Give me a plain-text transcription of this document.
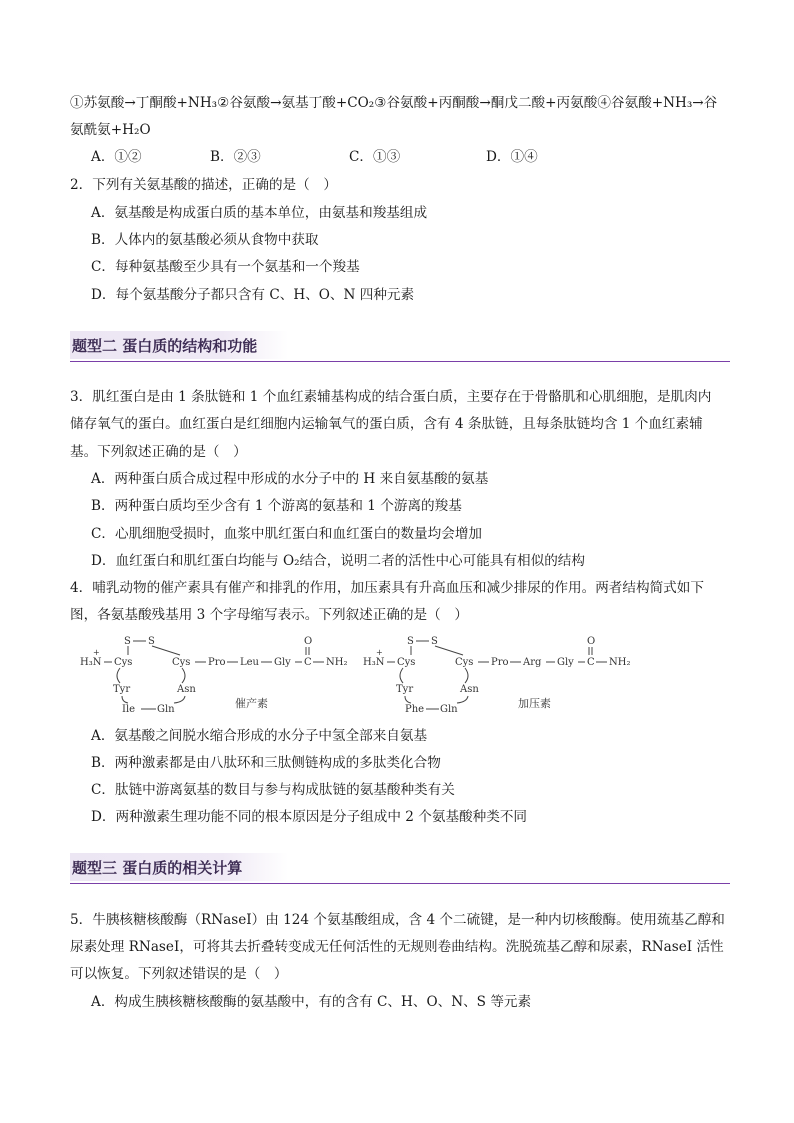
①苏氨酸→丁酮酸+NH₃②谷氨酸→氨基丁酸+CO₂③谷氨酸+丙酮酸→酮戊二酸+丙氨酸④谷氨酸+NH₃→谷
氨酰氨+H₂O
A．①②	B．②③	C．①③	D．①④
2．下列有关氨基酸的描述，正确的是（　）
A．氨基酸是构成蛋白质的基本单位，由氨基和羧基组成
B．人体内的氨基酸必须从食物中获取
C．每种氨基酸至少具有一个氨基和一个羧基
D．每个氨基酸分子都只含有 C、H、O、N 四种元素
题型二 蛋白质的结构和功能
3．肌红蛋白是由 1 条肽链和 1 个血红素辅基构成的结合蛋白质，主要存在于骨骼肌和心肌细胞，是肌肉内
储存氧气的蛋白。血红蛋白是红细胞内运输氧气的蛋白质，含有 4 条肽链，且每条肽链均含 1 个血红素辅
基。下列叙述正确的是（　）
A．两种蛋白质合成过程中形成的水分子中的 H 来自氨基酸的氨基
B．两种蛋白质均至少含有 1 个游离的氨基和 1 个游离的羧基
C．心肌细胞受损时，血浆中肌红蛋白和血红蛋白的数量均会增加
D．血红蛋白和肌红蛋白均能与 O₂结合，说明二者的活性中心可能具有相似的结构
4．哺乳动物的催产素具有催产和排乳的作用，加压素具有升高血压和减少排尿的作用。两者结构简式如下
图，各氨基酸残基用 3 个字母缩写表示。下列叙述正确的是（　）
H₃N
+
Cys
S S
Cys
Tyr	Asn
Ile Gln
Pro Leu Gly C
O
NH₂
催产素
H₃N
+
Cys
S S
Cys
Tyr	Asn
Phe Gln
Pro Arg Gly C
O
NH₂
加压素
A．氨基酸之间脱水缩合形成的水分子中氢全部来自氨基
B．两种激素都是由八肽环和三肽侧链构成的多肽类化合物
C．肽链中游离氨基的数目与参与构成肽链的氨基酸种类有关
D．两种激素生理功能不同的根本原因是分子组成中 2 个氨基酸种类不同
题型三 蛋白质的相关计算
5．牛胰核糖核酸酶（RNaseI）由 124 个氨基酸组成，含 4 个二硫键，是一种内切核酸酶。使用巯基乙醇和
尿素处理 RNaseI，可将其去折叠转变成无任何活性的无规则卷曲结构。洗脱巯基乙醇和尿素，RNaseI 活性
可以恢复。下列叙述错误的是（　）
A．构成生胰核糖核酸酶的氨基酸中，有的含有 C、H、O、N、S 等元素
